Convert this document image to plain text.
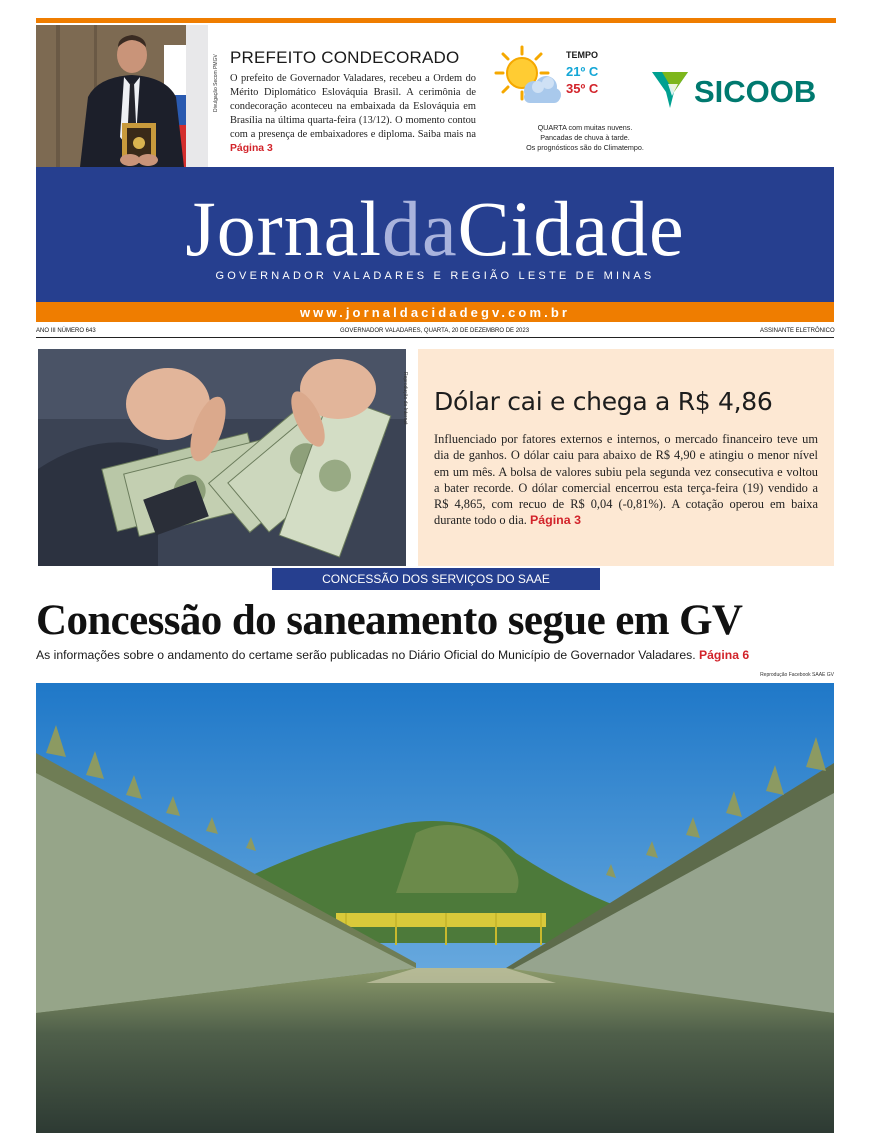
Divulgação Secom PMGV PREFEITO CONDECORADO
O prefeito de Governador Valadares, recebeu a Ordem do Mérito Diplomático Eslováquia Brasil. A cerimônia de condecoração aconteceu na embaixada da Eslováquia em Brasília na última quarta-feira (13/12). O momento contou com a presença de embaixadores e diploma. Saiba mais na Página 3
TEMPO
21º C
35º C
QUARTA com muitas nuvens.
Pancadas de chuva à tarde.
Os prognósticos são do Climatempo.
SICOOB
JornaldaCidade
GOVERNADOR VALADARES E REGIÃO LESTE DE MINAS
www.jornaldacidadegv.com.br
ANO III NÚMERO 643	GOVERNADOR VALADARES, QUARTA, 20 DE DEZEMBRO DE 2023	ASSINANTE ELETRÔNICO
Reprodução da Internet Dólar cai e chega a R$ 4,86
Influenciado por fatores externos e internos, o mercado financeiro teve um dia de ganhos. O dólar caiu para abaixo de R$ 4,90 e atingiu o menor nível em um mês. A bolsa de valores subiu pela segunda vez consecutiva e voltou a bater recorde. O dólar comercial encerrou esta terça-feira (19) vendido a R$ 4,865, com recuo de R$ 0,04 (-0,81%). A cotação operou em baixa durante todo o dia. Página 3
CONCESSÃO DOS SERVIÇOS DO SAAE
Concessão do saneamento segue em GV
As informações sobre o andamento do certame serão publicadas no Diário Oficial do Município de Governador Valadares. Página 6
Reprodução Facebook SAAE GV
